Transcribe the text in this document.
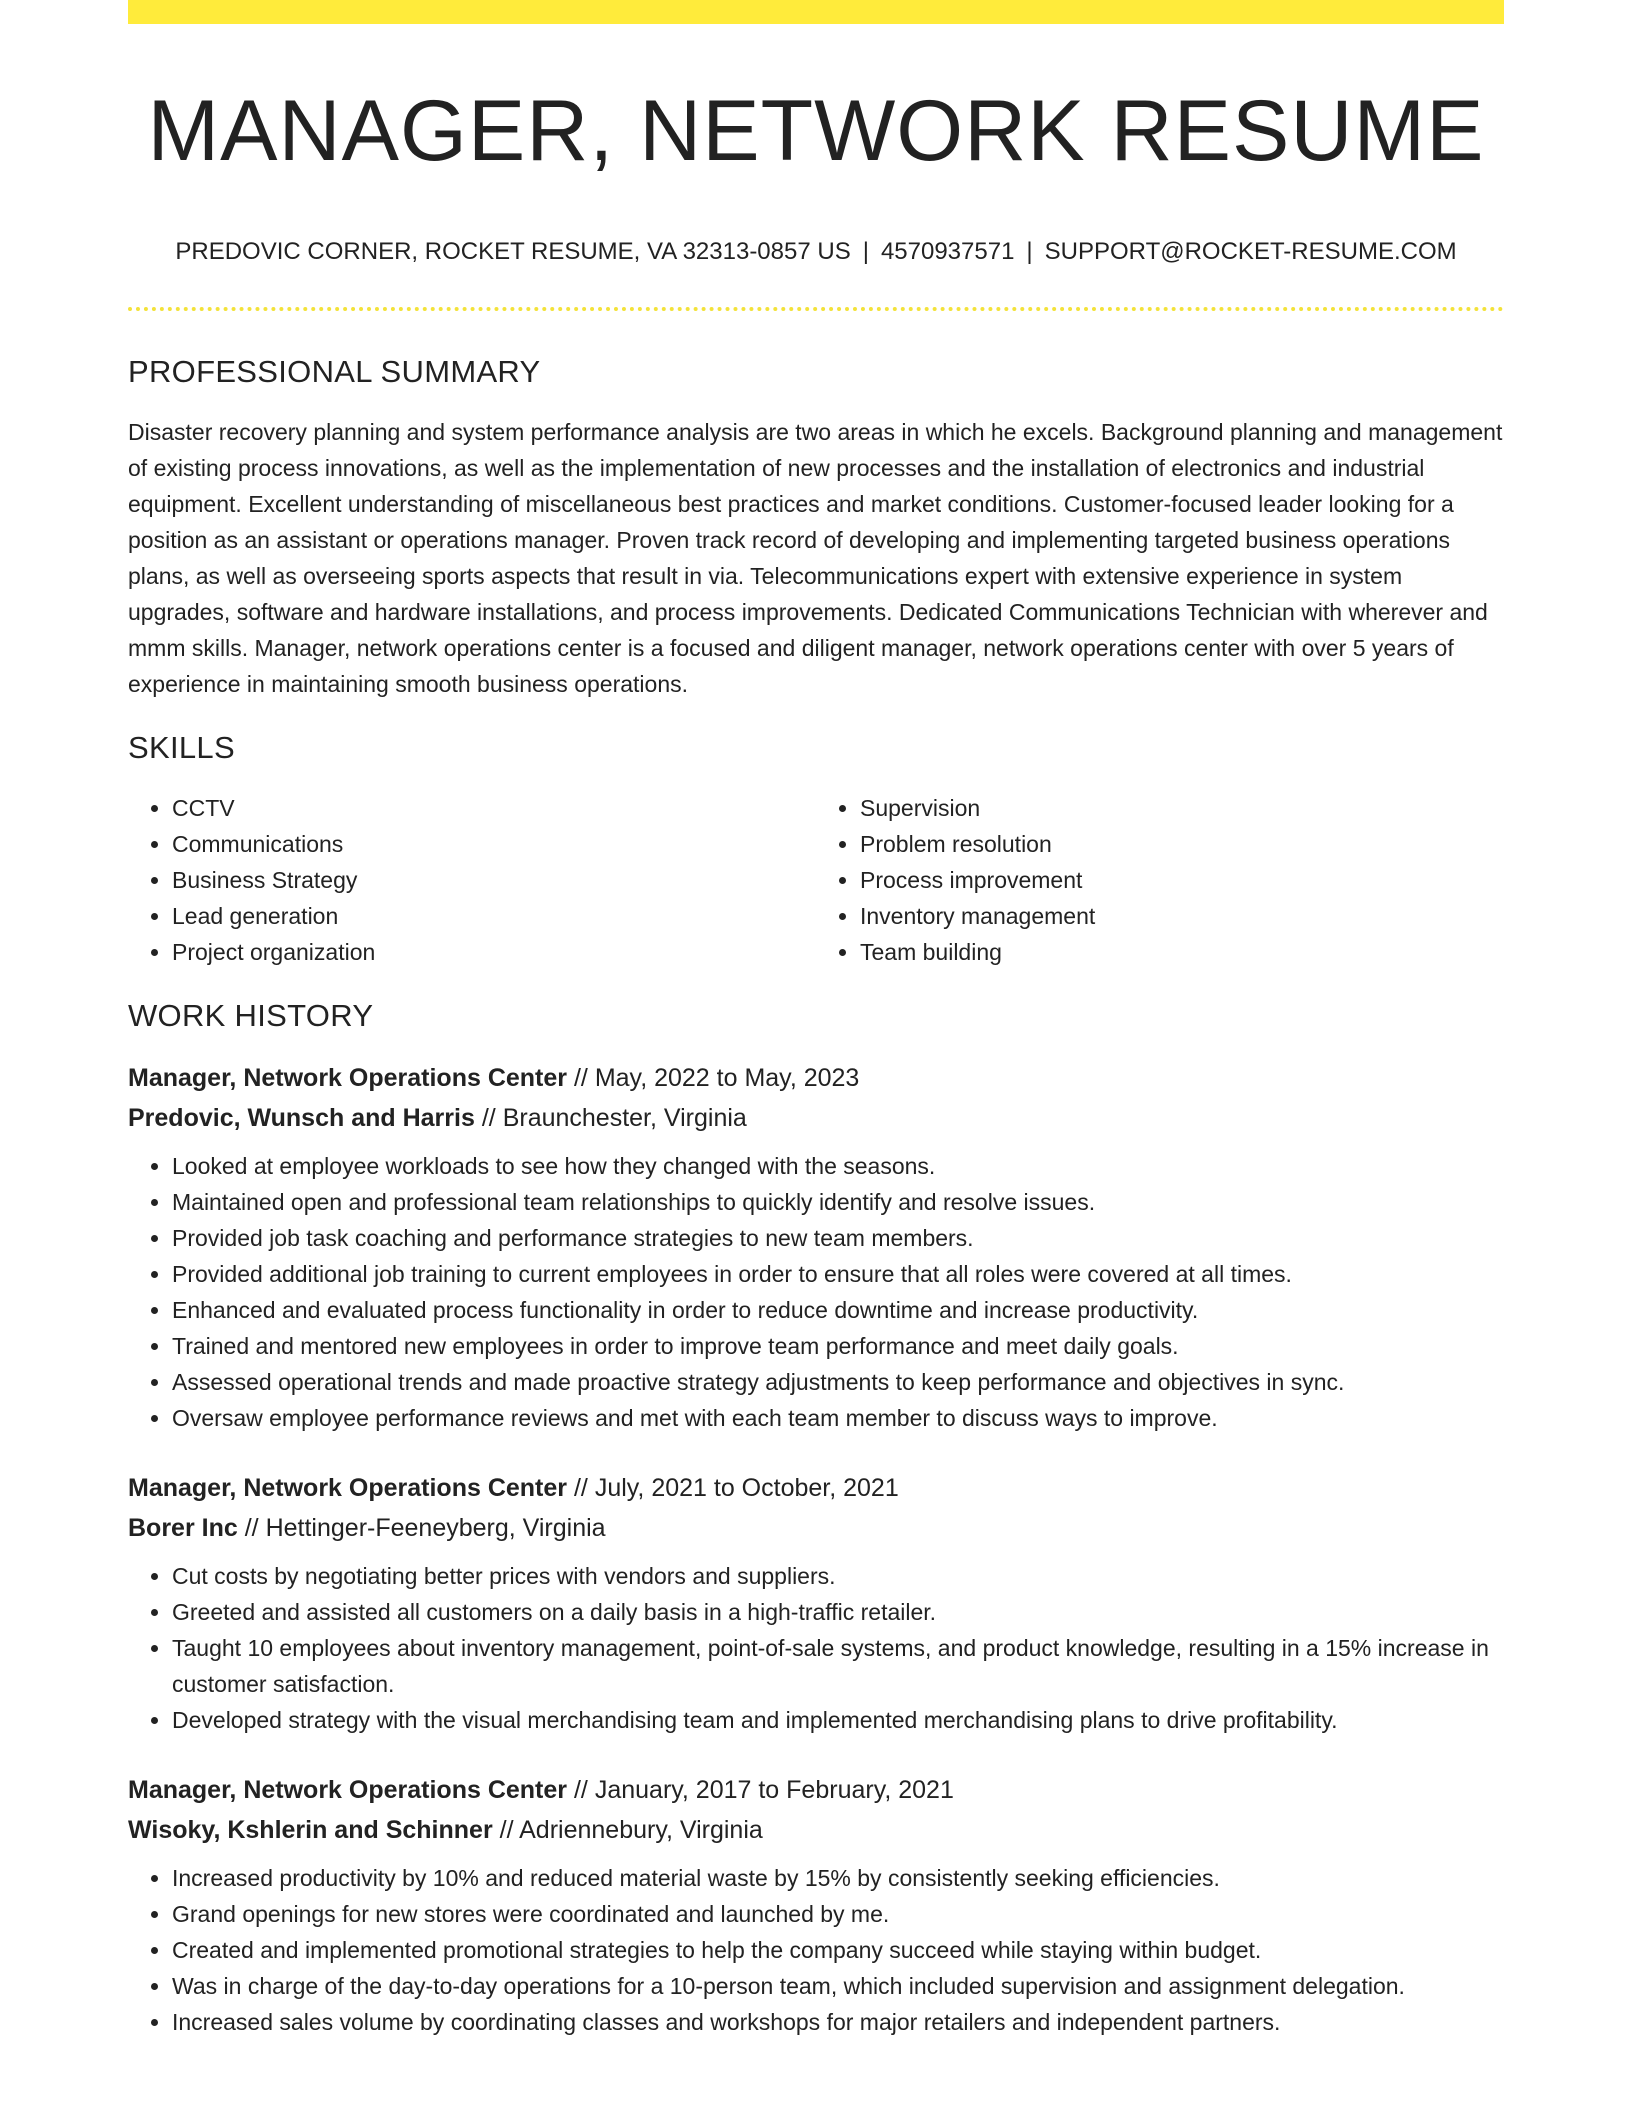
MANAGER, NETWORK RESUME
PREDOVIC CORNER, ROCKET RESUME, VA 32313-0857 US | 4570937571 | SUPPORT@ROCKET-RESUME.COM
PROFESSIONAL SUMMARY

Disaster recovery planning and system performance analysis are two areas in which he excels. Background planning and management of existing process innovations, as well as the implementation of new processes and the installation of electronics and industrial equipment. Excellent understanding of miscellaneous best practices and market conditions. Customer-focused leader looking for a position as an assistant or operations manager. Proven track record of developing and implementing targeted business operations plans, as well as overseeing sports aspects that result in via. Telecommunications expert with extensive experience in system upgrades, software and hardware installations, and process improvements. Dedicated Communications Technician with wherever and mmm skills. Manager, network operations center is a focused and diligent manager, network operations center with over 5 years of experience in maintaining smooth business operations.

SKILLS
• CCTV
• Communications
• Business Strategy
• Lead generation
• Project organization
• Supervision
• Problem resolution
• Process improvement
• Inventory management
• Team building
WORK HISTORY
Manager, Network Operations Center // May, 2022 to May, 2023
Predovic, Wunsch and Harris // Braunchester, Virginia
• Looked at employee workloads to see how they changed with the seasons.
• Maintained open and professional team relationships to quickly identify and resolve issues.
• Provided job task coaching and performance strategies to new team members.
• Provided additional job training to current employees in order to ensure that all roles were covered at all times.
• Enhanced and evaluated process functionality in order to reduce downtime and increase productivity.
• Trained and mentored new employees in order to improve team performance and meet daily goals.
• Assessed operational trends and made proactive strategy adjustments to keep performance and objectives in sync.
• Oversaw employee performance reviews and met with each team member to discuss ways to improve.
Manager, Network Operations Center // July, 2021 to October, 2021
Borer Inc // Hettinger-Feeneyberg, Virginia
• Cut costs by negotiating better prices with vendors and suppliers.
• Greeted and assisted all customers on a daily basis in a high-traffic retailer.
• Taught 10 employees about inventory management, point-of-sale systems, and product knowledge, resulting in a 15% increase in customer satisfaction.
• Developed strategy with the visual merchandising team and implemented merchandising plans to drive profitability.
Manager, Network Operations Center // January, 2017 to February, 2021
Wisoky, Kshlerin and Schinner // Adriennebury, Virginia
• Increased productivity by 10% and reduced material waste by 15% by consistently seeking efficiencies.
• Grand openings for new stores were coordinated and launched by me.
• Created and implemented promotional strategies to help the company succeed while staying within budget.
• Was in charge of the day-to-day operations for a 10-person team, which included supervision and assignment delegation.
• Increased sales volume by coordinating classes and workshops for major retailers and independent partners.
